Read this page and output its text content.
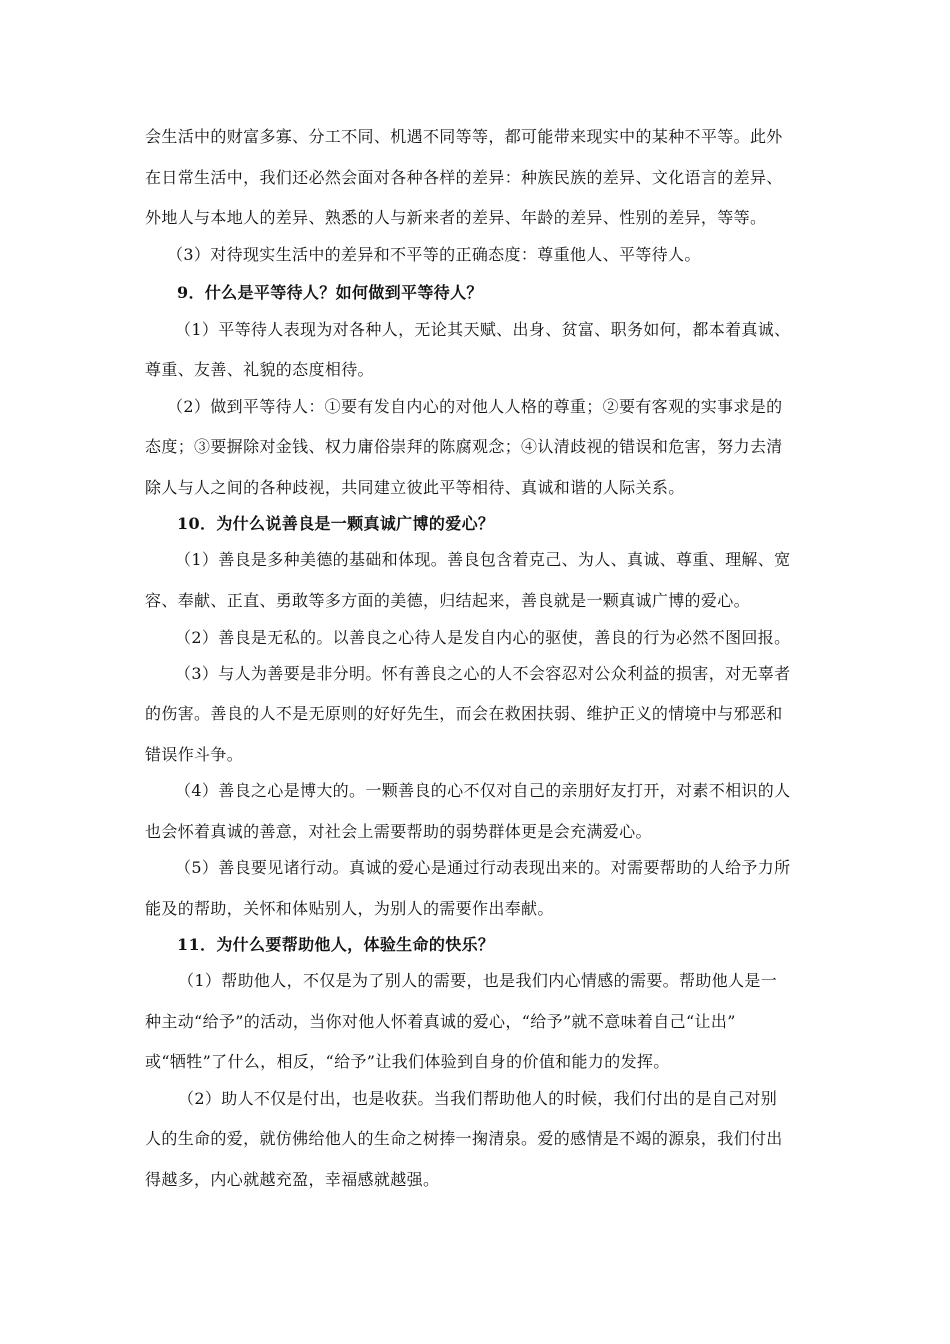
会生活中的财富多寡、分工不同、机遇不同等等，都可能带来现实中的某种不平等。此外
在日常生活中，我们还必然会面对各种各样的差异：种族民族的差异、文化语言的差异、
外地人与本地人的差异、熟悉的人与新来者的差异、年龄的差异、性别的差异，等等。
（3）对待现实生活中的差异和不平等的正确态度：尊重他人、平等待人。
9．什么是平等待人？如何做到平等待人？
（1）平等待人表现为对各种人，无论其天赋、出身、贫富、职务如何，都本着真诚、
尊重、友善、礼貌的态度相待。
（2）做到平等待人：①要有发自内心的对他人人格的尊重；②要有客观的实事求是的
态度；③要摒除对金钱、权力庸俗崇拜的陈腐观念；④认清歧视的错误和危害，努力去清
除人与人之间的各种歧视，共同建立彼此平等相待、真诚和谐的人际关系。
10．为什么说善良是一颗真诚广博的爱心？
（1）善良是多种美德的基础和体现。善良包含着克己、为人、真诚、尊重、理解、宽
容、奉献、正直、勇敢等多方面的美德，归结起来，善良就是一颗真诚广博的爱心。
（2）善良是无私的。以善良之心待人是发自内心的驱使，善良的行为必然不图回报。
（3）与人为善要是非分明。怀有善良之心的人不会容忍对公众利益的损害，对无辜者
的伤害。善良的人不是无原则的好好先生，而会在救困扶弱、维护正义的情境中与邪恶和
错误作斗争。
（4）善良之心是博大的。一颗善良的心不仅对自己的亲朋好友打开，对素不相识的人
也会怀着真诚的善意，对社会上需要帮助的弱势群体更是会充满爱心。
（5）善良要见诸行动。真诚的爱心是通过行动表现出来的。对需要帮助的人给予力所
能及的帮助，关怀和体贴别人，为别人的需要作出奉献。
11．为什么要帮助他人，体验生命的快乐？
（1）帮助他人，不仅是为了别人的需要，也是我们内心情感的需要。帮助他人是一
种主动“给予”的活动，当你对他人怀着真诚的爱心，“给予”就不意味着自己“让出”
或“牺牲”了什么，相反，“给予”让我们体验到自身的价值和能力的发挥。
（2）助人不仅是付出，也是收获。当我们帮助他人的时候，我们付出的是自己对别
人的生命的爱，就仿佛给他人的生命之树捧一掬清泉。爱的感情是不竭的源泉，我们付出
得越多，内心就越充盈，幸福感就越强。
